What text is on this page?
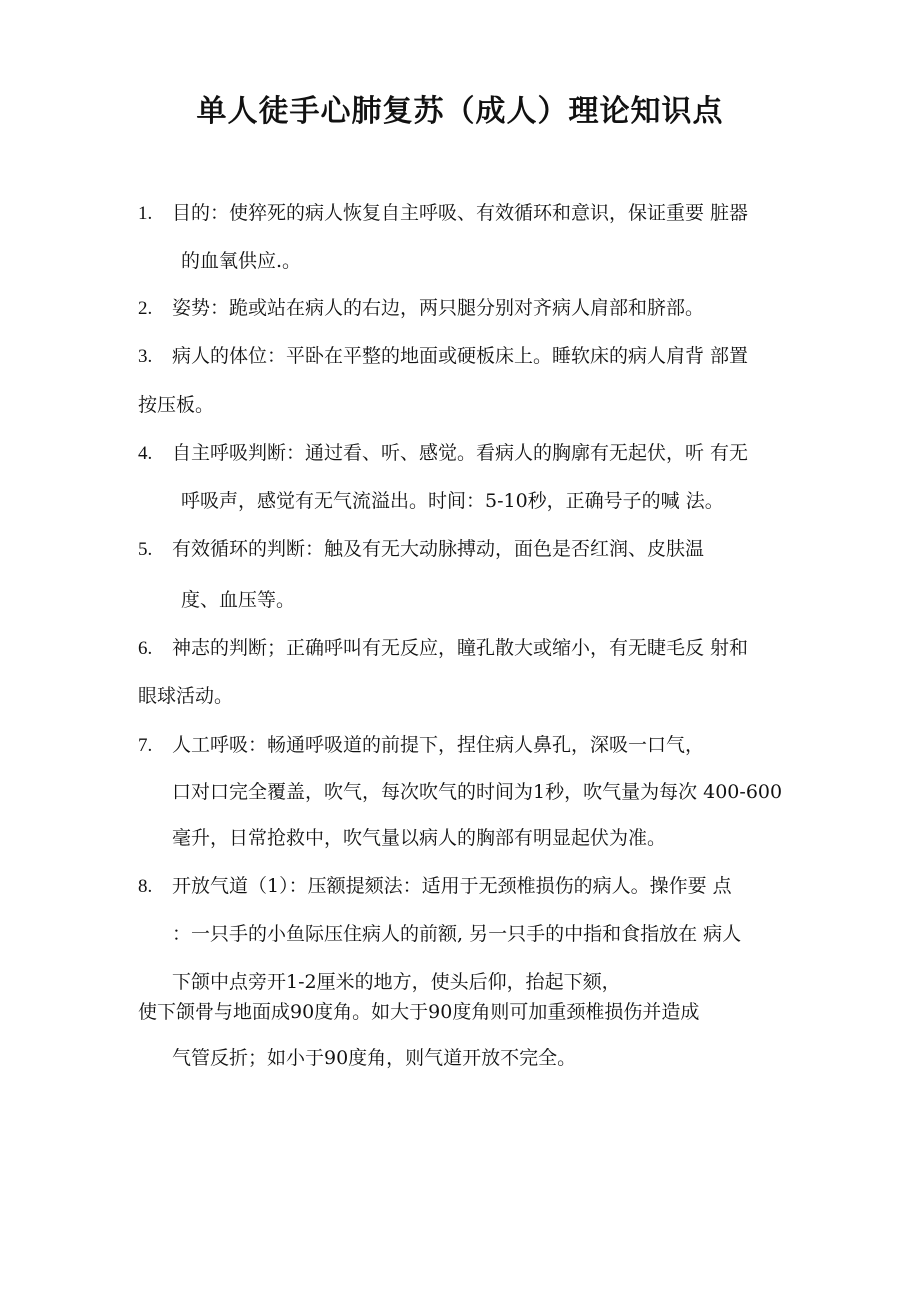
单人徒手心肺复苏（成人）理论知识点
1. 目的：使猝死的病人恢复自主呼吸、有效循环和意识，保证重要 脏器
的血氧供应.。
2. 姿势：跪或站在病人的右边，两只腿分别对齐病人肩部和脐部。
3. 病人的体位：平卧在平整的地面或硬板床上。睡软床的病人肩背 部置
按压板。
4. 自主呼吸判断：通过看、听、感觉。看病人的胸廓有无起伏，听 有无
呼吸声，感觉有无气流溢出。时间：5-10秒，正确号子的喊 法。
5. 有效循环的判断：触及有无大动脉搏动，面色是否红润、皮肤温
度、血压等。
6. 神志的判断；正确呼叫有无反应，瞳孔散大或缩小，有无睫毛反 射和
眼球活动。
7. 人工呼吸：畅通呼吸道的前提下，捏住病人鼻孔，深吸一口气，
口对口完全覆盖，吹气，每次吹气的时间为1秒，吹气量为每次 400-600
毫升，日常抢救中，吹气量以病人的胸部有明显起伏为准。
8. 开放气道（1）：压额提颏法：适用于无颈椎损伤的病人。操作要 点
：一只手的小鱼际压住病人的前额, 另一只手的中指和食指放在 病人
下颌中点旁开1-2厘米的地方，使头后仰，抬起下颏，
使下颌骨与地面成90度角。如大于90度角则可加重颈椎损伤并造成
气管反折；如小于90度角，则气道开放不完全。
